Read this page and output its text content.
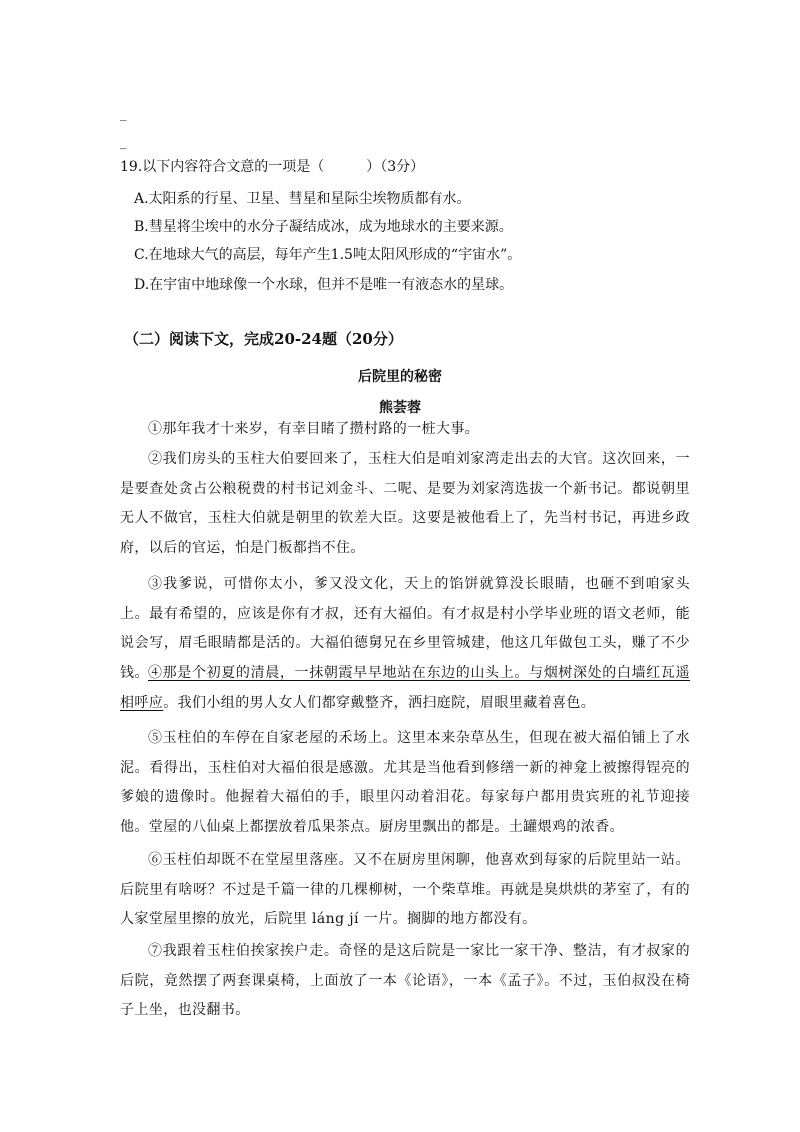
_
_
19.以下内容符合文意的一项是（　　　）（3分）
A.太阳系的行星、卫星、彗星和星际尘埃物质都有水。
B.彗星将尘埃中的水分子凝结成冰，成为地球水的主要来源。
C.在地球大气的高层，每年产生1.5吨太阳风形成的“宇宙水”。
D.在宇宙中地球像一个水球，但并不是唯一有液态水的星球。
（二）阅读下文，完成20-24题（20分）
后院里的秘密
熊荟蓉

①那年我才十来岁，有幸目睹了攒村路的一桩大事。

②我们房头的玉柱大伯要回来了，玉柱大伯是咱刘家湾走出去的大官。这次回来，一是要查处贪占公粮税费的村书记刘金斗、二呢、是要为刘家湾选拔一个新书记。都说朝里无人不做官，玉柱大伯就是朝里的钦差大臣。这要是被他看上了，先当村书记，再进乡政府，以后的官运，怕是门板都挡不住。

③我爹说，可惜你太小，爹又没文化，天上的馅饼就算没长眼睛，也砸不到咱家头上。最有希望的，应该是你有才叔，还有大福伯。有才叔是村小学毕业班的语文老师，能说会写，眉毛眼睛都是活的。大福伯德舅兄在乡里管城建，他这几年做包工头，赚了不少钱。 ④那是个初夏的清晨，一抹朝霞早早地站在东边的山头上。与烟树深处的白墙红瓦遥相呼应。我们小组的男人女人们都穿戴整齐，洒扫庭院，眉眼里藏着喜色。

⑤玉柱伯的车停在自家老屋的禾场上。这里本来杂草丛生，但现在被大福伯铺上了水泥。看得出，玉柱伯对大福伯很是感激。尤其是当他看到修缮一新的神龛上被擦得锃亮的爹娘的遗像时。他握着大福伯的手，眼里闪动着泪花。每家每户都用贵宾班的礼节迎接他。堂屋的八仙桌上都摆放着瓜果茶点。厨房里飘出的都是。土罐煨鸡的浓香。

⑥玉柱伯却既不在堂屋里落座。又不在厨房里闲聊，他喜欢到每家的后院里站一站。后院里有啥呀？不过是千篇一律的几棵柳树，一个柴草堆。再就是臭烘烘的茅室了，有的人家堂屋里擦的放光，后院里 láng jí 一片。搁脚的地方都没有。

⑦我跟着玉柱伯挨家挨户走。奇怪的是这后院是一家比一家干净、整洁，有才叔家的后院，竟然摆了两套课桌椅，上面放了一本《论语》，一本《孟子》。不过，玉伯叔没在椅子上坐，也没翻书。
